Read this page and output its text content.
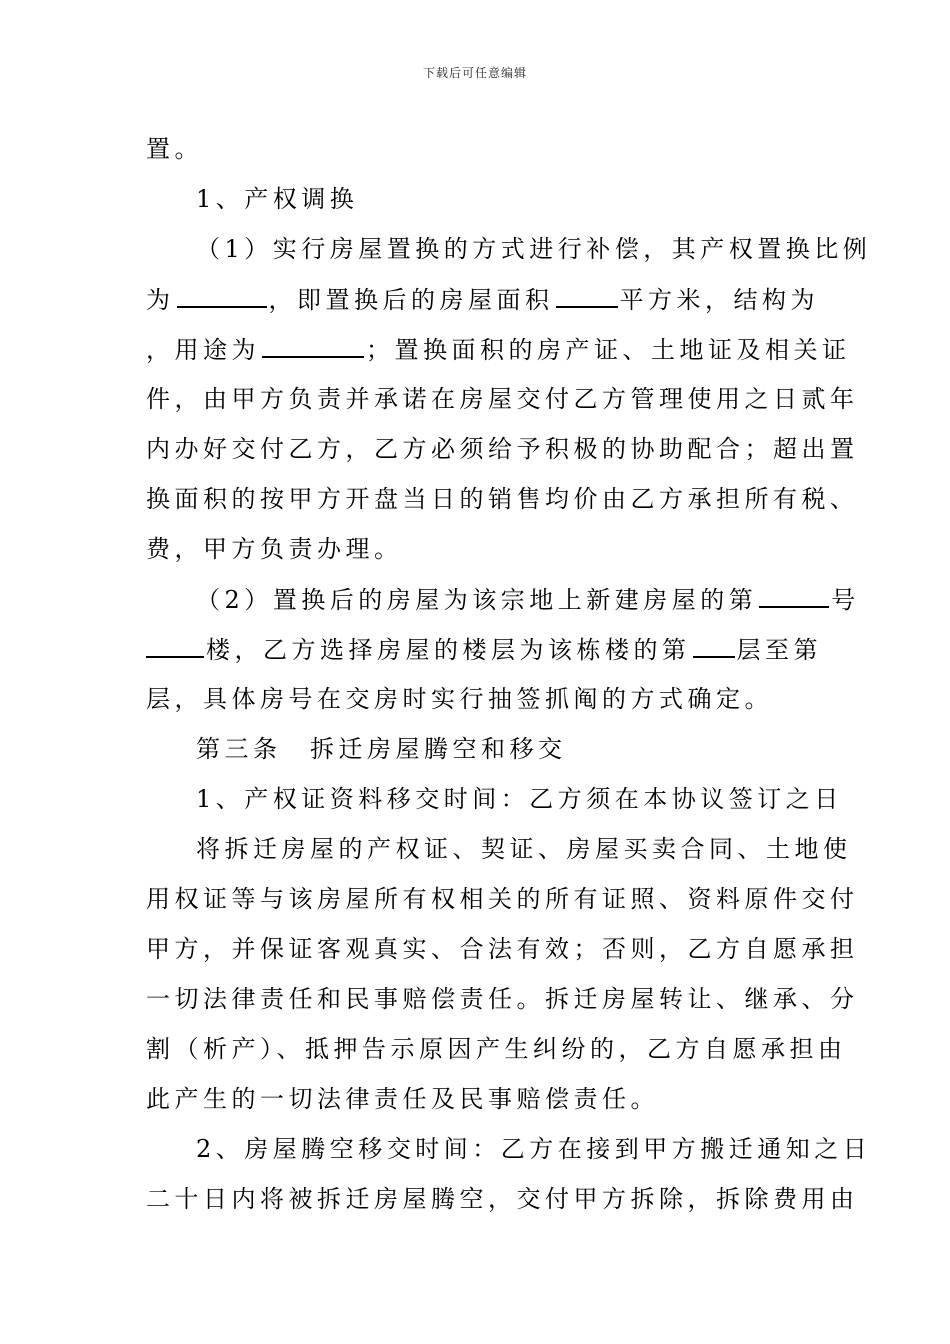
下载后可任意编辑
置。
1、产权调换
（1）实行房屋置换的方式进行补偿，其产权置换比例
为	，即置换后的房屋面积	平方米，结构为
，用途为	；置换面积的房产证、土地证及相关证
件，由甲方负责并承诺在房屋交付乙方管理使用之日贰年
内办好交付乙方，乙方必须给予积极的协助配合；超出置
换面积的按甲方开盘当日的销售均价由乙方承担所有税、
费，甲方负责办理。
（2）置换后的房屋为该宗地上新建房屋的第	号
楼，乙方选择房屋的楼层为该栋楼的第 层至第
层，具体房号在交房时实行抽签抓阄的方式确定。
第三条　拆迁房屋腾空和移交
1、产权证资料移交时间：乙方须在本协议签订之日
将拆迁房屋的产权证、契证、房屋买卖合同、土地使
用权证等与该房屋所有权相关的所有证照、资料原件交付
甲方，并保证客观真实、合法有效；否则，乙方自愿承担
一切法律责任和民事赔偿责任。拆迁房屋转让、继承、分
割（析产）、抵押告示原因产生纠纷的，乙方自愿承担由
此产生的一切法律责任及民事赔偿责任。
2、房屋腾空移交时间：乙方在接到甲方搬迁通知之日
二十日内将被拆迁房屋腾空，交付甲方拆除，拆除费用由
